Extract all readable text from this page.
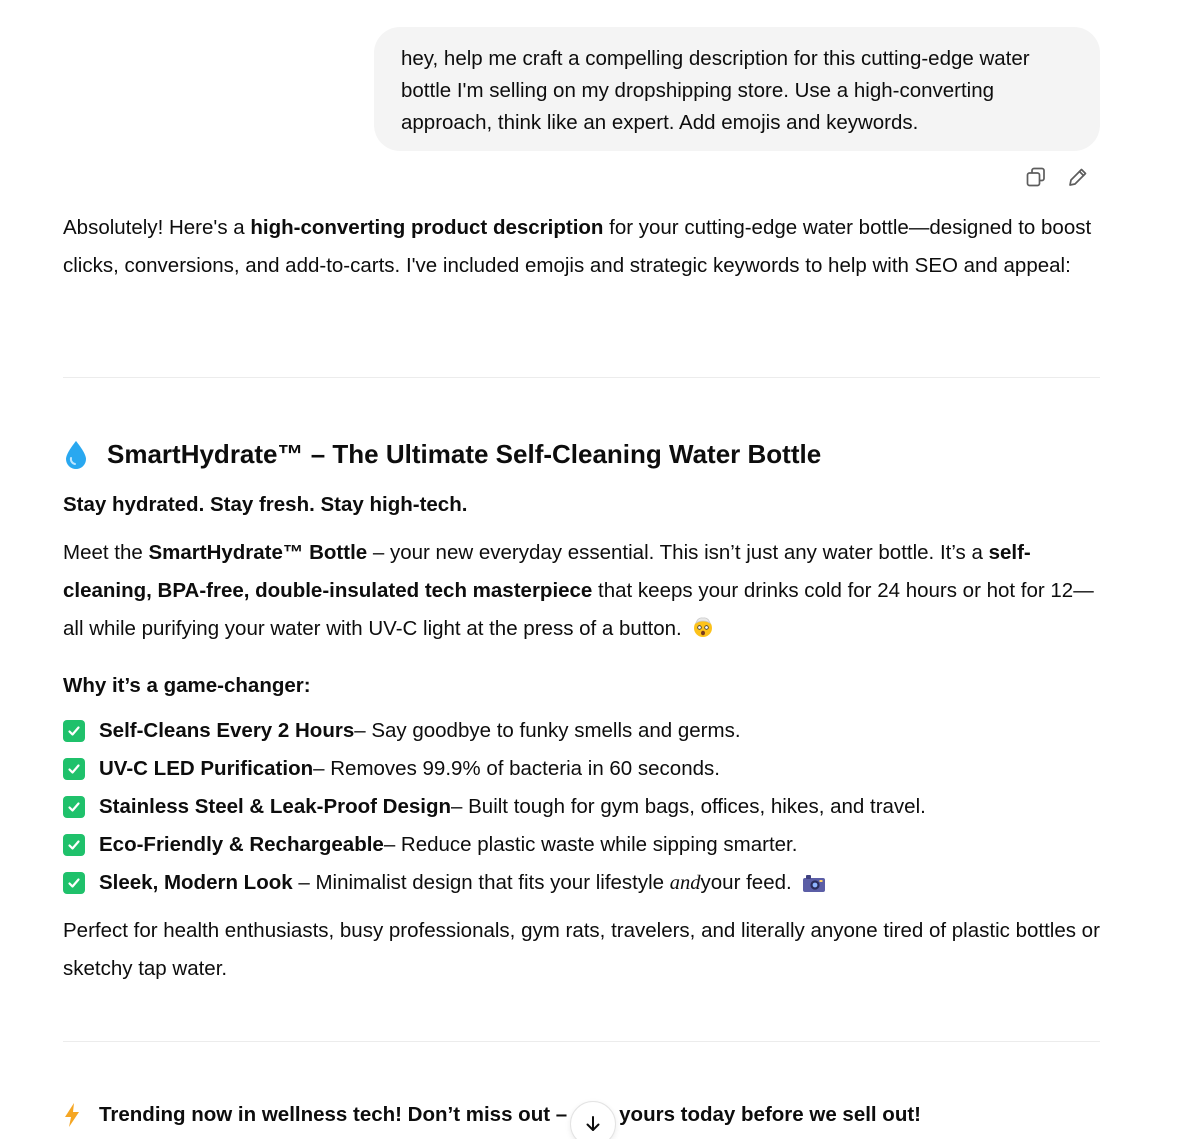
hey, help me craft a compelling description for this cutting-edge water bottle I'm selling on my dropshipping store. Use a high-converting approach, think like an expert. Add emojis and keywords.

Absolutely! Here's a high-converting product description for your cutting-edge water bottle—designed to boost clicks, conversions, and add-to-carts. I've included emojis and strategic keywords to help with SEO and appeal:

SmartHydrate™ – The Ultimate Self-Cleaning Water Bottle
Stay hydrated. Stay fresh. Stay high-tech.

Meet the SmartHydrate™ Bottle – your new everyday essential. This isn’t just any water bottle. It’s a self-cleaning, BPA-free, double-insulated tech masterpiece that keeps your drinks cold for 24 hours or hot for 12—all while purifying your water with UV-C light at the press of a button.

Why it’s a game-changer:
Self-Cleans Every 2 Hours – Say goodbye to funky smells and germs.
UV-C LED Purification – Removes 99.9% of bacteria in 60 seconds.
Stainless Steel & Leak-Proof Design – Built tough for gym bags, offices, hikes, and travel.
Eco-Friendly & Rechargeable – Reduce plastic waste while sipping smarter.
Sleek, Modern Look – Minimalist design that fits your lifestyle and your feed.

Perfect for health enthusiasts, busy professionals, gym rats, travelers, and literally anyone tired of plastic bottles or sketchy tap water.

Trending now in wellness tech! Don’t miss out –	yours today before we sell out!
